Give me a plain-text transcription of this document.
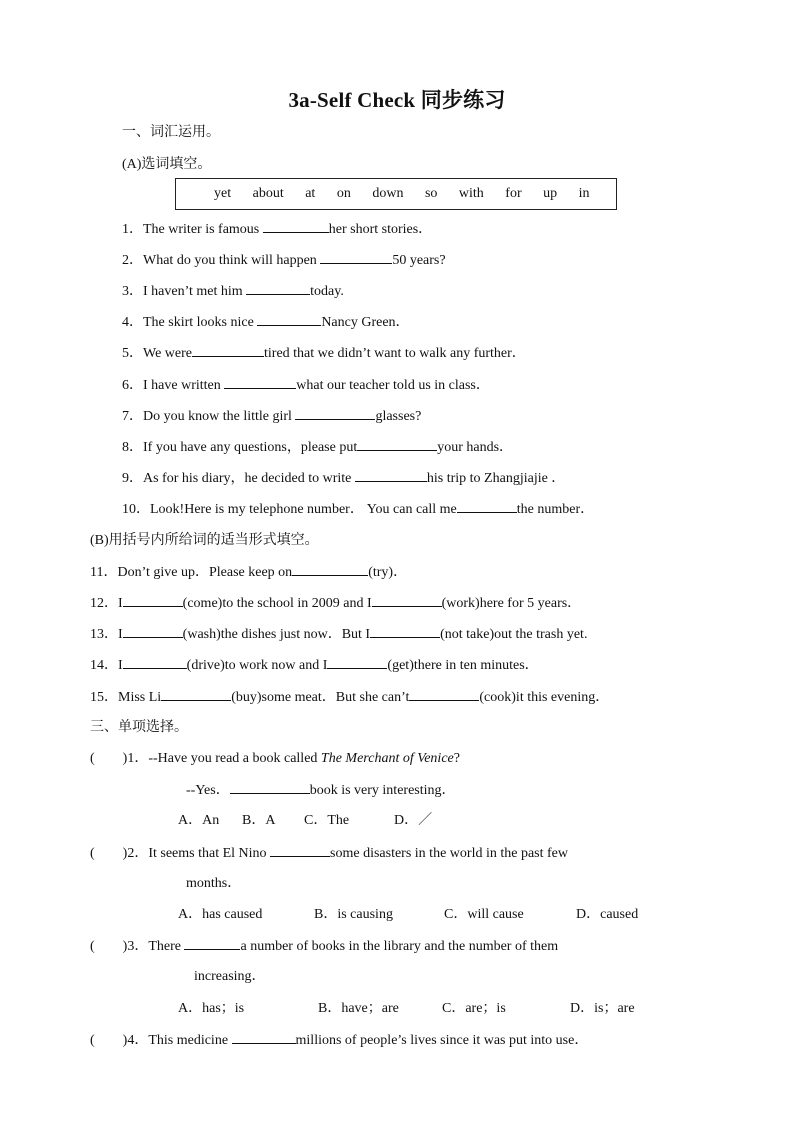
3a-Self Check 同步练习
一、词汇运用。
(A)选词填空。
yet about at on down so with for up in
1．The writer is famous	her short stories．
2．What do you think will happen	50 years?
3．I haven’t met him	today.
4．The skirt looks nice	Nancy Green．
5．We were	tired that we didn’t want to walk any further．
6．I have written	what our teacher told us in class．
7．Do you know the little girl	glasses?
8．If you have any questions，please put	your hands．
9．As for his diary，he decided to write	his trip to Zhangjiajie ．
10．Look!Here is my telephone number． You can call me	the number．
(B)用括号内所给词的适当形式填空。
11．Don’t give up．Please keep on	(try)．
12．I	(come)to the school in 2009 and I	(work)here for 5 years．
13．I	(wash)the dishes just now．But I	(not take)out the trash yet.
14．I	(drive)to work now and I	(get)there in ten minutes．
15．Miss Li	(buy)some meat．But she can’t	(cook)it this evening．
三、单项选择。
(　　)1．--Have you read a book called The Merchant of Venice?
--Yes．	book is very interesting．
A．An B．A C．The	D．／
(　　)2．It seems that El Nino	some disasters in the world in the past few
months．
A．has caused	B．is causing	C．will cause	D．caused
(　　)3．There	a number of books in the library and the number of them
increasing．
A．has；is	B．have；are	C．are；is	D．is；are
(　　)4．This medicine	millions of people’s lives since it was put into use．
